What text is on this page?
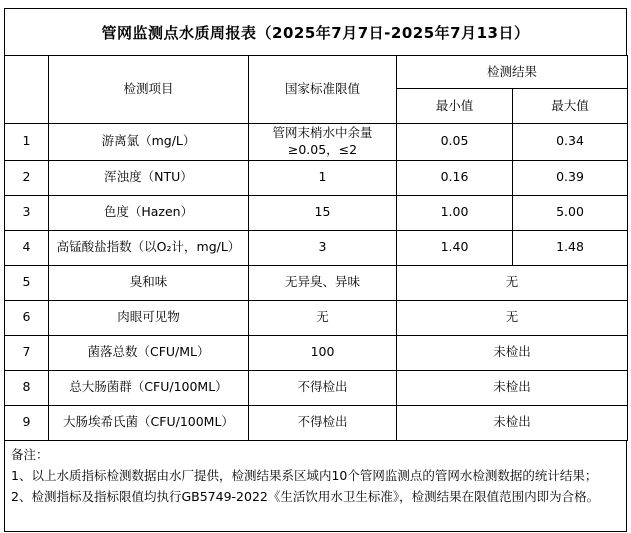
管网监测点水质周报表（2025年7月7日-2025年7月13日）
	检测项目	国家标准限值	检测结果	
			最小值	最大值
1	游离氯（mg/L）	管网末梢水中余量≥0.05，≤2	0.05	0.34
2	浑浊度（NTU）	1	0.16	0.39
3	色度（Hazen）	15	1.00	5.00
4	高锰酸盐指数（以O₂计，mg/L）	3	1.40	1.48
5	臭和味	无异臭、异味	无	
6	肉眼可见物	无	无	
7	菌落总数（CFU/ML）	100	未检出	
8	总大肠菌群（CFU/100ML）	不得检出	未检出	
9	大肠埃希氏菌（CFU/100ML）	不得检出	未检出	
备注：
1、以上水质指标检测数据由水厂提供，检测结果系区域内10个管网监测点的管网水检测数据的统计结果；
2、检测指标及指标限值均执行GB5749-2022《生活饮用水卫生标准》，检测结果在限值范围内即为合格。
